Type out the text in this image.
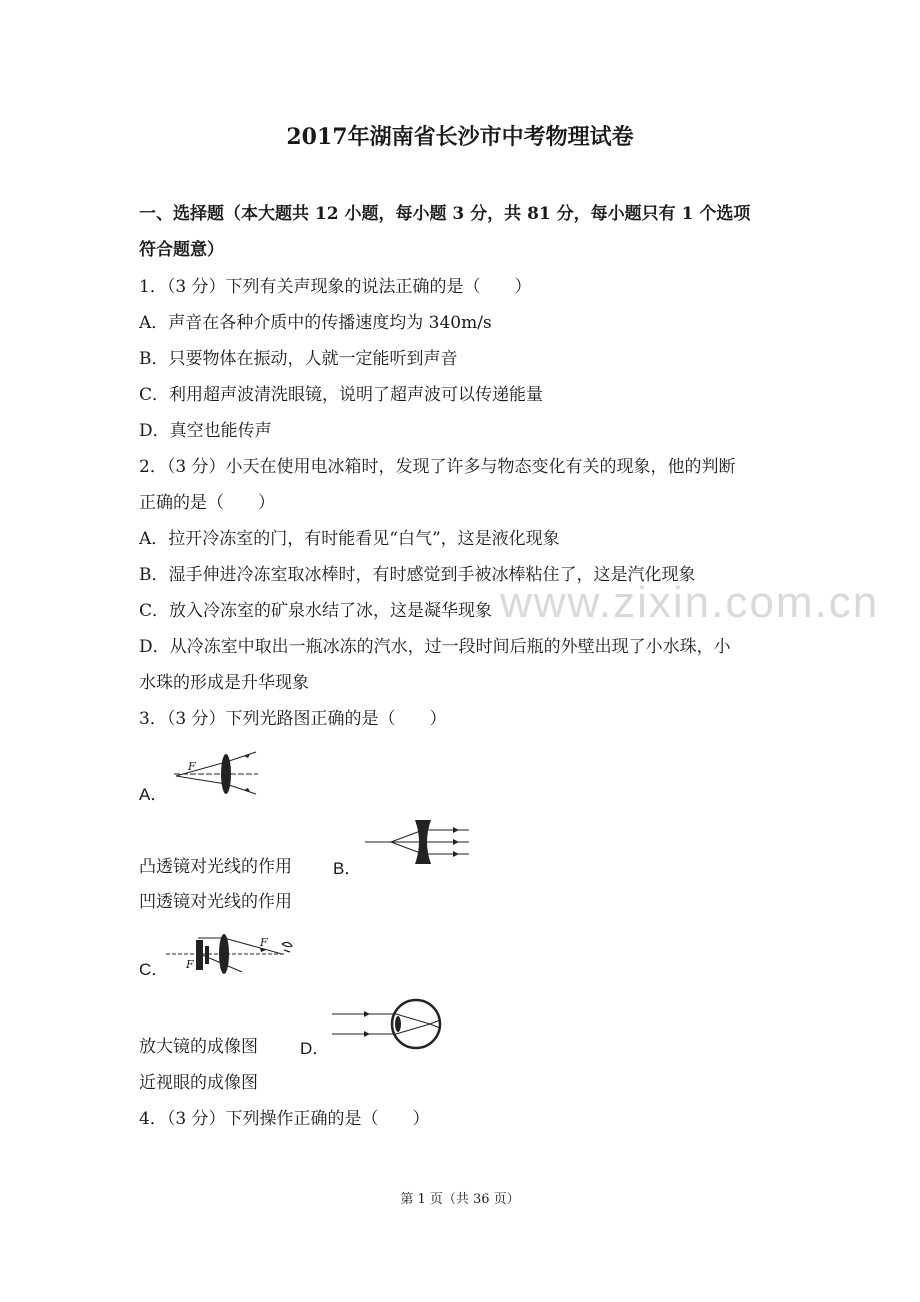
www.zixin.com.cn
2017年湖南省长沙市中考物理试卷
一、选择题（本大题共 12 小题，每小题 3 分，共 81 分，每小题只有 1 个选项
符合题意）
1．（3 分）下列有关声现象的说法正确的是（　　）
A．声音在各种介质中的传播速度均为 340m/s
B．只要物体在振动，人就一定能听到声音
C．利用超声波清洗眼镜，说明了超声波可以传递能量
D．真空也能传声
2．（3 分）小天在使用电冰箱时，发现了许多与物态变化有关的现象，他的判断
正确的是（　　）
A．拉开冷冻室的门，有时能看见“白气”，这是液化现象
B．湿手伸进冷冻室取冰棒时，有时感觉到手被冰棒粘住了，这是汽化现象
C．放入冷冻室的矿泉水结了冰，这是凝华现象
D．从冷冻室中取出一瓶冰冻的汽水，过一段时间后瓶的外壁出现了小水珠，小
水珠的形成是升华现象
3．（3 分）下列光路图正确的是（　　）
A．
F
凸透镜对光线的作用 B．
凹透镜对光线的作用
C． F
F
放大镜的成像图 D．
近视眼的成像图
4．（3 分）下列操作正确的是（　　）
第 1 页（共 36 页）
